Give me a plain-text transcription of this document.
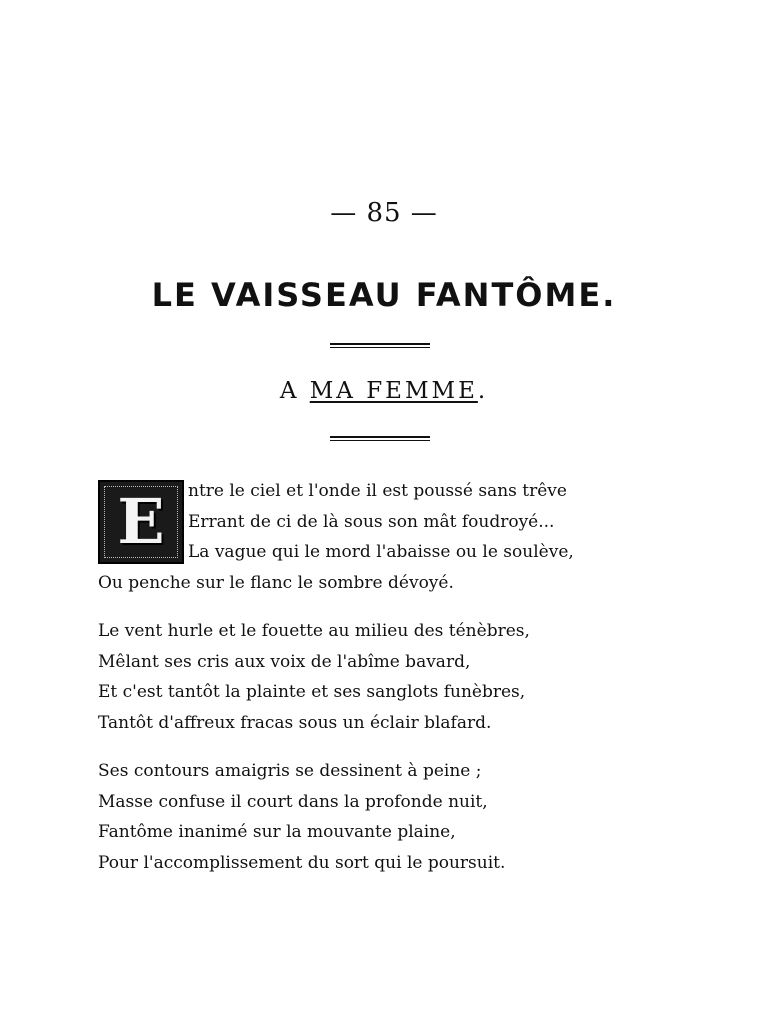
— 85 —
LE VAISSEAU FANTÔME.
A MA FEMME.
E	ntre le ciel et l'onde il est poussé sans trêve
Errant de ci de là sous son mât foudroyé...
La vague qui le mord l'abaisse ou le soulève,
Ou penche sur le flanc le sombre dévoyé.
Le vent hurle et le fouette au milieu des ténèbres,
Mêlant ses cris aux voix de l'abîme bavard,
Et c'est tantôt la plainte et ses sanglots funèbres,
Tantôt d'affreux fracas sous un éclair blafard.
Ses contours amaigris se dessinent à peine ;
Masse confuse il court dans la profonde nuit,
Fantôme inanimé sur la mouvante plaine,
Pour l'accomplissement du sort qui le poursuit.
